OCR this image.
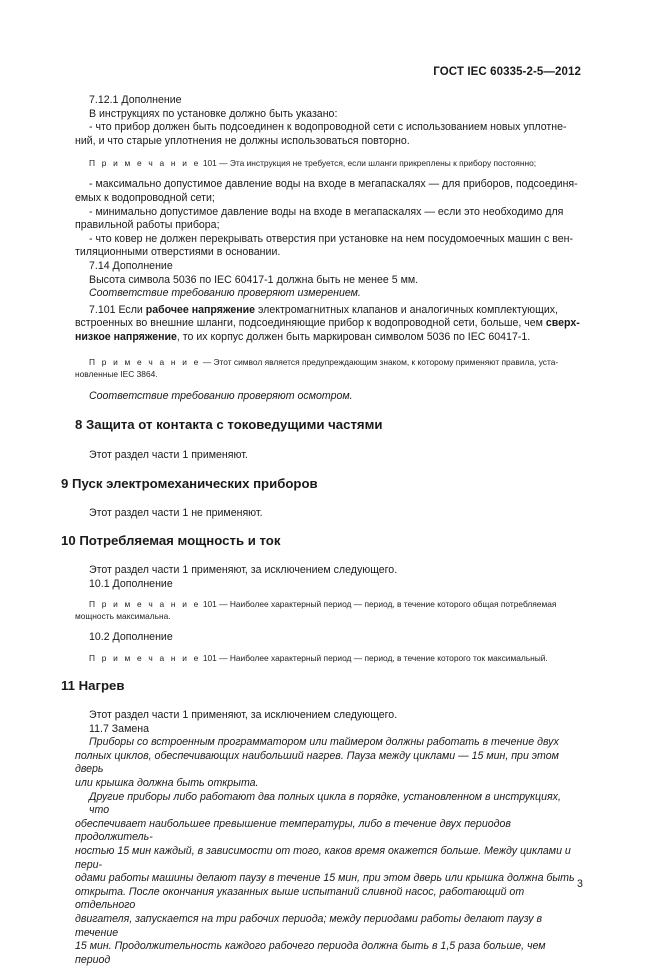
ГОСТ IEC 60335-2-5—2012

7.12.1 Дополнение

В инструкциях по установке должно быть указано:

- что прибор должен быть подсоединен к водопроводной сети с использованием новых уплотне-

ний, и что старые уплотнения не должны использоваться повторно.

П р и м е ч а н и е 101 — Эта инструкция не требуется, если шланги прикреплены к прибору постоянно;

- максимально допустимое давление воды на входе в мегапаскалях — для приборов, подсоединя-

емых к водопроводной сети;

- минимально допустимое давление воды на входе в мегапаскалях — если это необходимо для

правильной работы прибора;

- что ковер не должен перекрывать отверстия при установке на нем посудомоечных машин с вен-

тиляционными отверстиями в основании.

7.14 Дополнение

Высота символа 5036 по IEC 60417-1 должна быть не менее 5 мм.

Соответствие требованию проверяют измерением.

7.101 Если рабочее напряжение электромагнитных клапанов и аналогичных комплектующих,

встроенных во внешние шланги, подсоединяющие прибор к водопроводной сети, больше, чем сверх-

низкое напряжение, то их корпус должен быть маркирован символом 5036 по IEC 60417-1.

П р и м е ч а н и е — Этот символ является предупреждающим знаком, к которому применяют правила, уста-

новленные IEC 3864.

Соответствие требованию проверяют осмотром.

8 Защита от контакта с токоведущими частями

Этот раздел части 1 применяют.

9 Пуск электромеханических приборов

Этот раздел части 1 не применяют.

10 Потребляемая мощность и ток

Этот раздел части 1 применяют, за исключением следующего.

10.1 Дополнение

П р и м е ч а н и е 101 — Наиболее характерный период — период, в течение которого общая потребляемая

мощность максимальна.

10.2 Дополнение

П р и м е ч а н и е 101 — Наиболее характерный период — период, в течение которого ток максимальный.

11 Нагрев

Этот раздел части 1 применяют, за исключением следующего.

11.7 Замена

Приборы со встроенным программатором или таймером должны работать в течение двух

полных циклов, обеспечивающих наибольший нагрев. Пауза между циклами — 15 мин, при этом дверь

или крышка должна быть открыта.

Другие приборы либо работают два полных цикла в порядке, установленном в инструкциях, что

обеспечивает наибольшее превышение температуры, либо в течение двух периодов продолжитель-

ностью 15 мин каждый, в зависимости от того, каков время окажется больше. Между циклами и пери-

одами работы машины делают паузу в течение 15 мин, при этом дверь или крышка должна быть

открыта. После окончания указанных выше испытаний сливной насос, работающий от отдельного

двигателя, запускается на три рабочих периода; между периодами работы делают паузу в течение

15 мин. Продолжительность каждого рабочего периода должна быть в 1,5 раза больше, чем период

3
